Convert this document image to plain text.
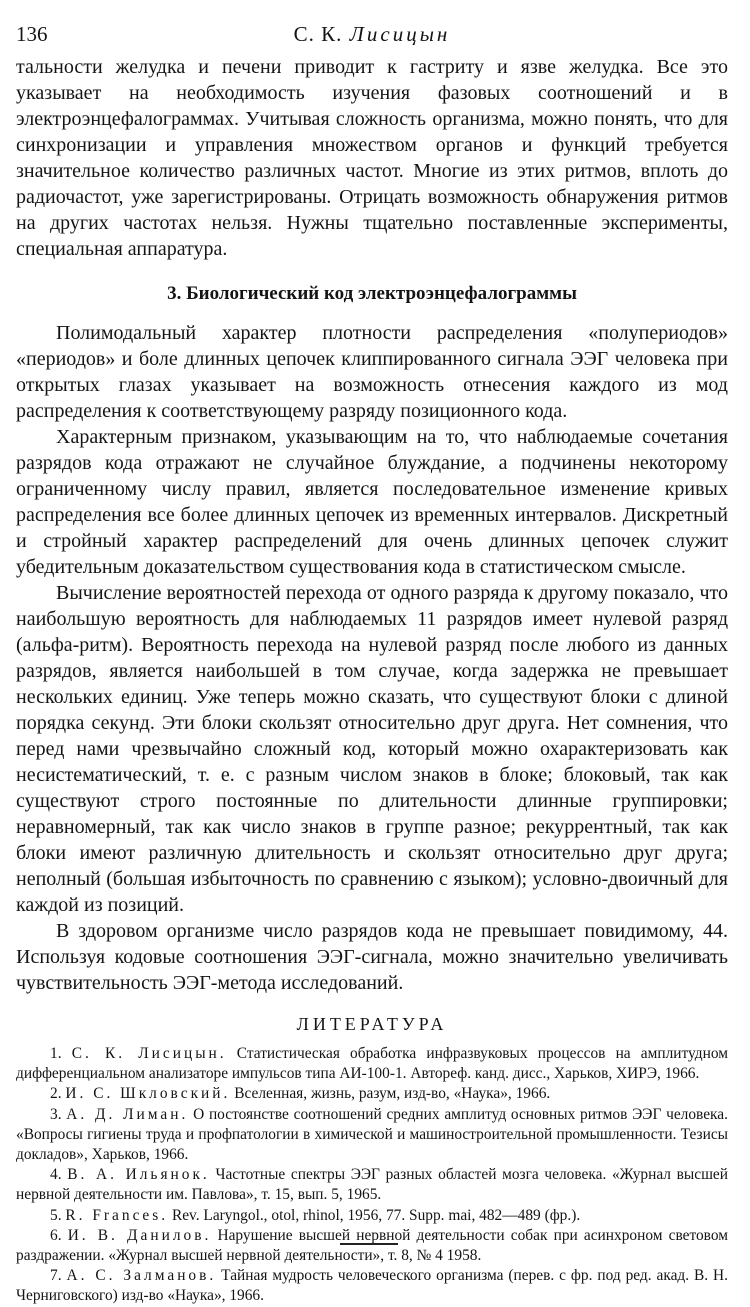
136	С. К. Лисицын

тальности желудка и печени приводит к гастриту и язве желудка. Все это указывает на необходимость изучения фазовых соотношений и в электроэнцефалограммах. Учитывая сложность организма, можно понять, что для синхронизации и управления множеством органов и функций требуется значительное количество различных частот. Многие из этих ритмов, вплоть до радиочастот, уже зарегистрированы. Отрицать возможность обнаружения ритмов на других частотах нельзя. Нужны тщательно поставленные эксперименты, специальная аппаратура.

3. Биологический код электроэнцефалограммы

Полимодальный характер плотности распределения «полупериодов» «периодов» и боле длинных цепочек клиппированного сигнала ЭЭГ человека при открытых глазах указывает на возможность отнесения каждого из мод распределения к соответствующему разряду позиционного кода.

Характерным признаком, указывающим на то, что наблюдаемые сочетания разрядов кода отражают не случайное блуждание, а подчинены некоторому ограниченному числу правил, является последовательное изменение кривых распределения все более длинных цепочек из временных интервалов. Дискретный и стройный характер распределений для очень длинных цепочек служит убедительным доказательством существования кода в статистическом смысле.

Вычисление вероятностей перехода от одного разряда к другому показало, что наибольшую вероятность для наблюдаемых 11 разрядов имеет нулевой разряд (альфа-ритм). Вероятность перехода на нулевой разряд после любого из данных разрядов, является наибольшей в том случае, когда задержка не превышает нескольких единиц. Уже теперь можно сказать, что существуют блоки с длиной порядка секунд. Эти блоки скользят относительно друг друга. Нет сомнения, что перед нами чрезвычайно сложный код, который можно охарактеризовать как несистематический, т. е. с разным числом знаков в блоке; блоковый, так как существуют строго постоянные по длительности длинные группировки; неравномерный, так как число знаков в группе разное; рекуррентный, так как блоки имеют различную длительность и скользят относительно друг друга; неполный (большая избыточность по сравнению с языком); условно-двоичный для каждой из позиций.

В здоровом организме число разрядов кода не превышает повидимому, 44. Используя кодовые соотношения ЭЭГ-сигнала, можно значительно увеличивать чувствительность ЭЭГ-метода исследований.

ЛИТЕРАТУРА

1. С. К. Лисицын. Статистическая обработка инфразвуковых процессов на амплитудном дифференциальном анализаторе импульсов типа АИ-100-1. Автореф. канд. дисс., Харьков, ХИРЭ, 1966.

2. И. С. Шкловский. Вселенная, жизнь, разум, изд-во, «Наука», 1966.

3. А. Д. Лиман. О постоянстве соотношений средних амплитуд основных ритмов ЭЭГ человека. «Вопросы гигиены труда и профпатологии в химической и машиностроительной промышленности. Тезисы докладов», Харьков, 1966.

4. В. А. Ильянок. Частотные спектры ЭЭГ разных областей мозга человека. «Журнал высшей нервной деятельности им. Павлова», т. 15, вып. 5, 1965.

5. R. Frances. Rev. Laryngol., otol, rhinol, 1956, 77. Supp. mai, 482—489 (фр.).

6. И. В. Данилов. Нарушение высшей нервной деятельности собак при асинхроном световом раздражении. «Журнал высшей нервной деятельности», т. 8, № 4 1958.

7. А. С. Залманов. Тайная мудрость человеческого организма (перев. с фр. под ред. акад. В. Н. Черниговского) изд-во «Наука», 1966.
